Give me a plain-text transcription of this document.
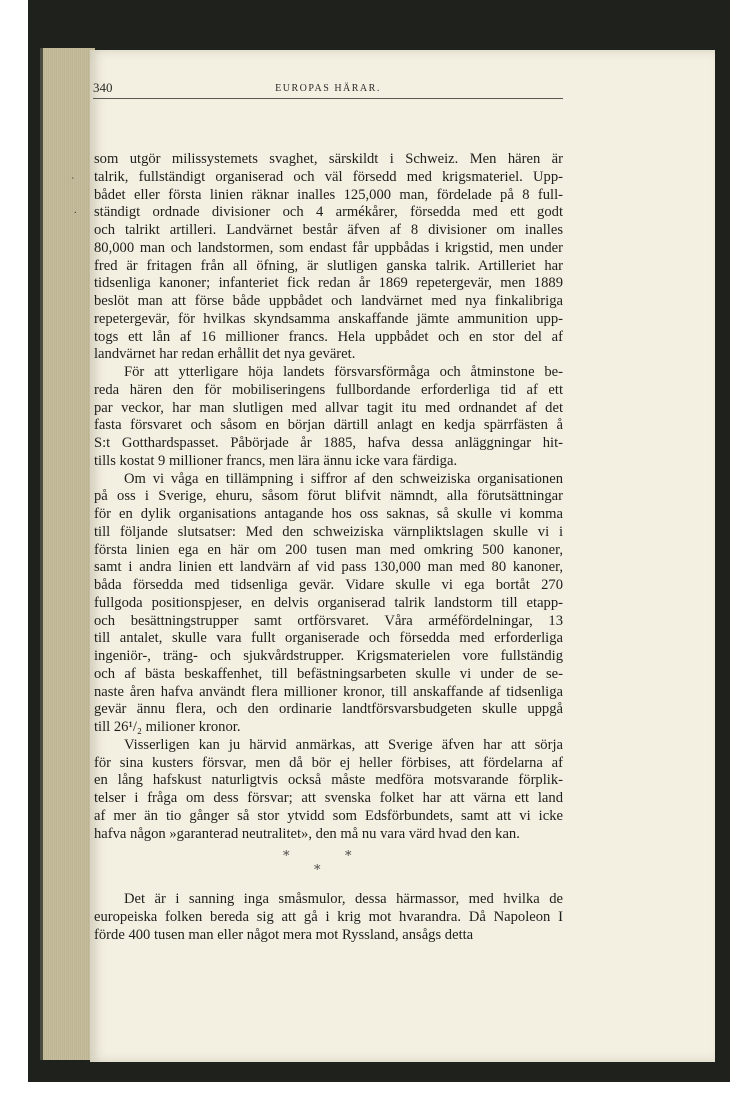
`
.
340	EUROPAS HÄRAR.
som utgör milissystemets svaghet, särskildt i Schweiz. Men hären är
talrik, fullständigt organiserad och väl försedd med krigsmateriel. Upp-
bådet eller första linien räknar inalles 125,000 man, fördelade på 8 full-
ständigt ordnade divisioner och 4 armékårer, försedda med ett godt
och talrikt artilleri. Landvärnet består äfven af 8 divisioner om inalles
80,000 man och landstormen, som endast får uppbådas i krigstid, men under
fred är fritagen från all öfning, är slutligen ganska talrik. Artilleriet har
tidsenliga kanoner; infanteriet fick redan år 1869 repetergevär, men 1889
beslöt man att förse både uppbådet och landvärnet med nya finkalibriga
repetergevär, för hvilkas skyndsamma anskaffande jämte ammunition upp-
togs ett lån af 16 millioner francs. Hela uppbådet och en stor del af
landvärnet har redan erhållit det nya geväret.
För att ytterligare höja landets försvarsförmåga och åtminstone be-
reda hären den för mobiliseringens fullbordande erforderliga tid af ett
par veckor, har man slutligen med allvar tagit itu med ordnandet af det
fasta försvaret och såsom en början därtill anlagt en kedja spärrfästen å
S:t Gotthardspasset. Påbörjade år 1885, hafva dessa anläggningar hit-
tills kostat 9 millioner francs, men lära ännu icke vara färdiga.
Om vi våga en tillämpning i siffror af den schweiziska organisationen
på oss i Sverige, ehuru, såsom förut blifvit nämndt, alla förutsättningar
för en dylik organisations antagande hos oss saknas, så skulle vi komma
till följande slutsatser: Med den schweiziska värnpliktslagen skulle vi i
första linien ega en här om 200 tusen man med omkring 500 kanoner,
samt i andra linien ett landvärn af vid pass 130,000 man med 80 kanoner,
båda försedda med tidsenliga gevär. Vidare skulle vi ega bortåt 270
fullgoda positionspjeser, en delvis organiserad talrik landstorm till etapp-
och besättningstrupper samt ortförsvaret. Våra arméfördelningar, 13
till antalet, skulle vara fullt organiserade och försedda med erforderliga
ingeniör-, träng- och sjukvårdstrupper. Krigsmaterielen vore fullständig
och af bästa beskaffenhet, till befästningsarbeten skulle vi under de se-
naste åren hafva användt flera millioner kronor, till anskaffande af tidsenliga
gevär ännu flera, och den ordinarie landtförsvarsbudgeten skulle uppgå
till 26¹/₂ milioner kronor.
Visserligen kan ju härvid anmärkas, att Sverige äfven har att sörja
för sina kusters försvar, men då bör ej heller förbises, att fördelarna af
en lång hafskust naturligtvis också måste medföra motsvarande förplik-
telser i fråga om dess försvar; att svenska folket har att värna ett land
af mer än tio gånger så stor ytvidd som Edsförbundets, samt att vi icke
hafva någon »garanterad neutralitet», den må nu vara värd hvad den kan.
Det är i sanning inga småsmulor, dessa härmassor, med hvilka de
europeiska folken bereda sig att gå i krig mot hvarandra. Då Napoleon I
förde 400 tusen man eller något mera mot Ryssland, ansågs detta
*	*
*
